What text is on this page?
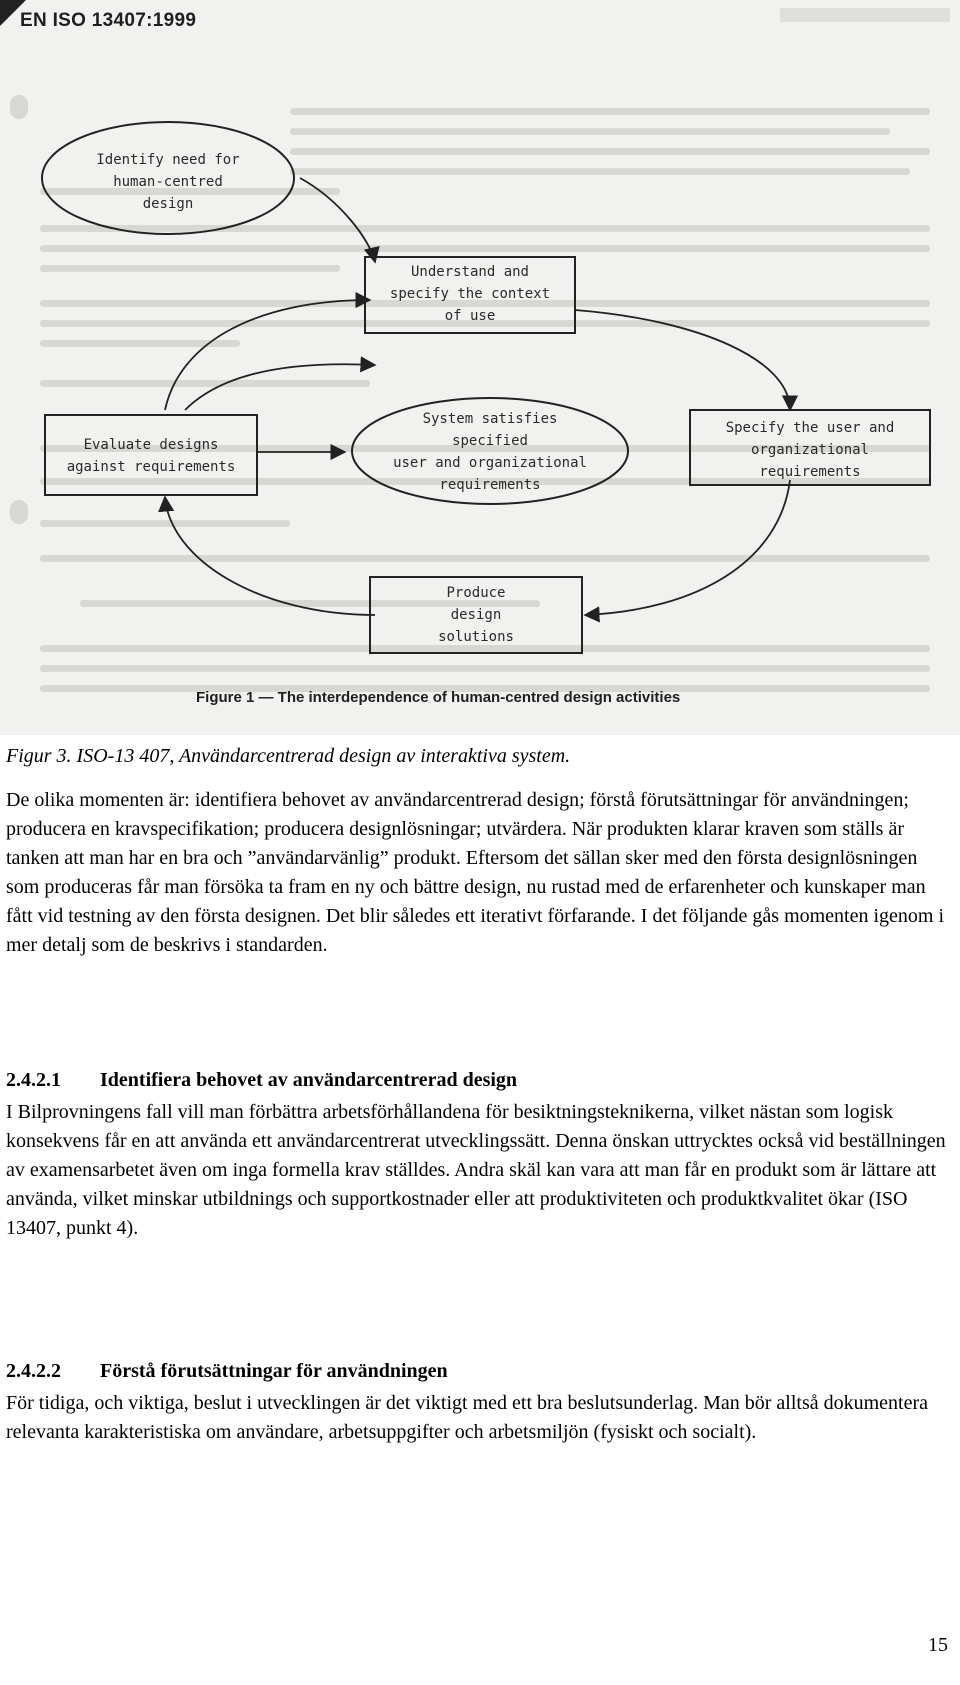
EN ISO 13407:1999
Identify need for
human-centred
design
Understand and
specify the context
of use
Specify the user and
organizational
requirements
Produce
design
solutions
Evaluate designs
against requirements
System satisfies
specified
user and organizational
requirements
Figure 1 — The interdependence of human-centred design activities
Figur 3. ISO-13 407, Användarcentrerad design av interaktiva system.
De olika momenten är: identifiera behovet av användarcentrerad design; förstå förutsättningar för användningen; producera en kravspecifikation; producera designlösningar; utvärdera. När produkten klarar kraven som ställs är tanken att man har en bra och ”användarvänlig” produkt. Eftersom det sällan sker med den första designlösningen som produceras får man försöka ta fram en ny och bättre design, nu rustad med de erfarenheter och kunskaper man fått vid testning av den första designen. Det blir således ett iterativt förfarande. I det följande gås momenten igenom i mer detalj som de beskrivs i standarden.
2.4.2.1 Identifiera behovet av användarcentrerad design
I Bilprovningens fall vill man förbättra arbetsförhållandena för besiktningsteknikerna, vilket nästan som logisk konsekvens får en att använda ett användarcentrerat utvecklingssätt. Denna önskan uttrycktes också vid beställningen av examensarbetet även om inga formella krav ställdes. Andra skäl kan vara att man får en produkt som är lättare att använda, vilket minskar utbildnings och supportkostnader eller att produktiviteten och produktkvalitet ökar (ISO 13407, punkt 4).
2.4.2.2 Förstå förutsättningar för användningen
För tidiga, och viktiga, beslut i utvecklingen är det viktigt med ett bra beslutsunderlag. Man bör alltså dokumentera relevanta karakteristiska om användare, arbetsuppgifter och arbetsmiljön (fysiskt och socialt).
15
